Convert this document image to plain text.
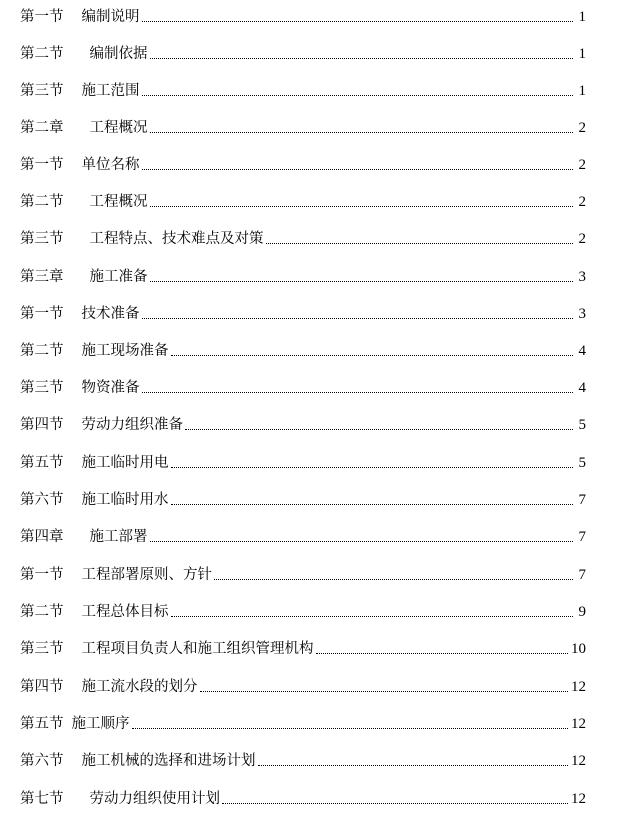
第一节 编制说明	1
第二节 编制依据	1
第三节 施工范围	1
第二章 工程概况	2
第一节 单位名称	2
第二节 工程概况	2
第三节 工程特点、技术难点及对策	2
第三章 施工准备	3
第一节 技术准备	3
第二节 施工现场准备	4
第三节 物资准备	4
第四节 劳动力组织准备	5
第五节 施工临时用电	5
第六节 施工临时用水	7
第四章 施工部署	7
第一节 工程部署原则、方针	7
第二节 工程总体目标	9
第三节 工程项目负责人和施工组织管理机构	10
第四节 施工流水段的划分	12
第五节 施工顺序	12
第六节 施工机械的选择和进场计划	12
第七节 劳动力组织使用计划	12
